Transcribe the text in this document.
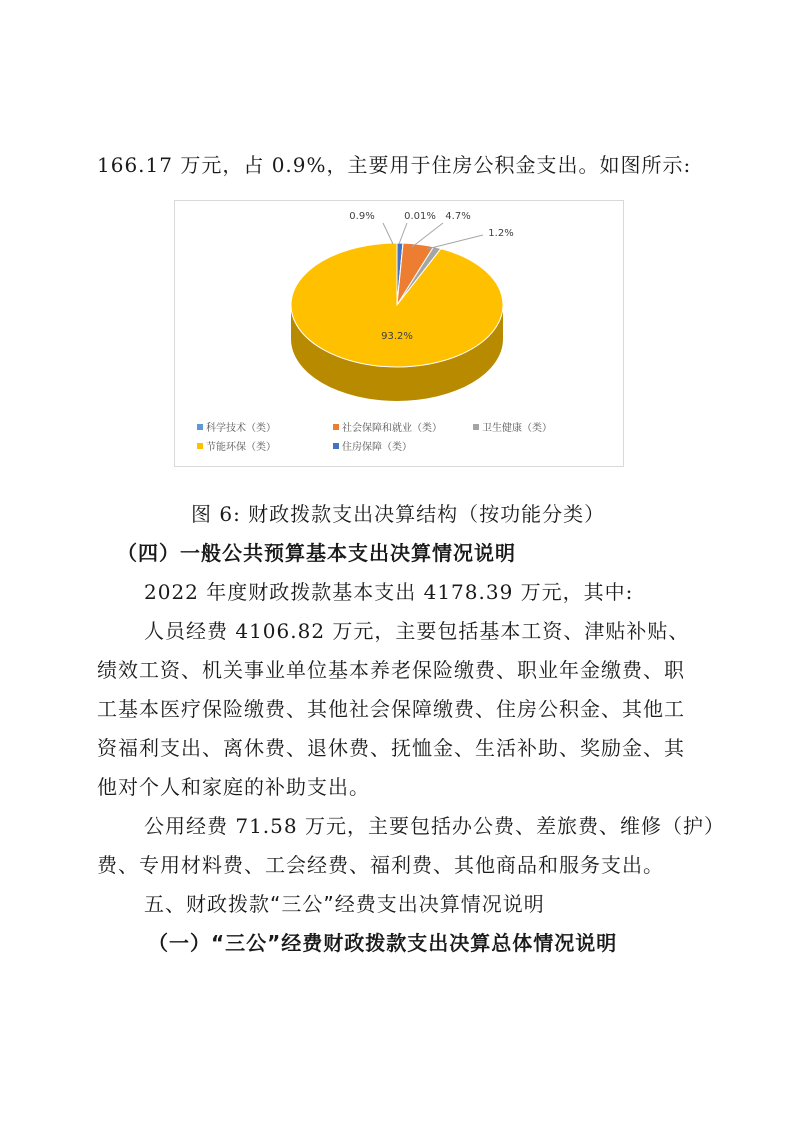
166.17 万元，占 0.9%，主要用于住房公积金支出。如图所示:
0.01% 4.7%
1.2%
93.2%
0.9%
科学技术（类）	社会保障和就业（类）	卫生健康（类）
节能环保（类）	住房保障（类）
图 6: 财政拨款支出决算结构（按功能分类）
（四）一般公共预算基本支出决算情况说明
2022 年度财政拨款基本支出 4178.39 万元，其中:
人员经费 4106.82 万元，主要包括基本工资、津贴补贴、
绩效工资、机关事业单位基本养老保险缴费、职业年金缴费、职
工基本医疗保险缴费、其他社会保障缴费、住房公积金、其他工
资福利支出、离休费、退休费、抚恤金、生活补助、奖励金、其
他对个人和家庭的补助支出。
公用经费 71.58 万元，主要包括办公费、差旅费、维修（护）
费、专用材料费、工会经费、福利费、其他商品和服务支出。
五、财政拨款“三公”经费支出决算情况说明
（一）“三公”经费财政拨款支出决算总体情况说明
